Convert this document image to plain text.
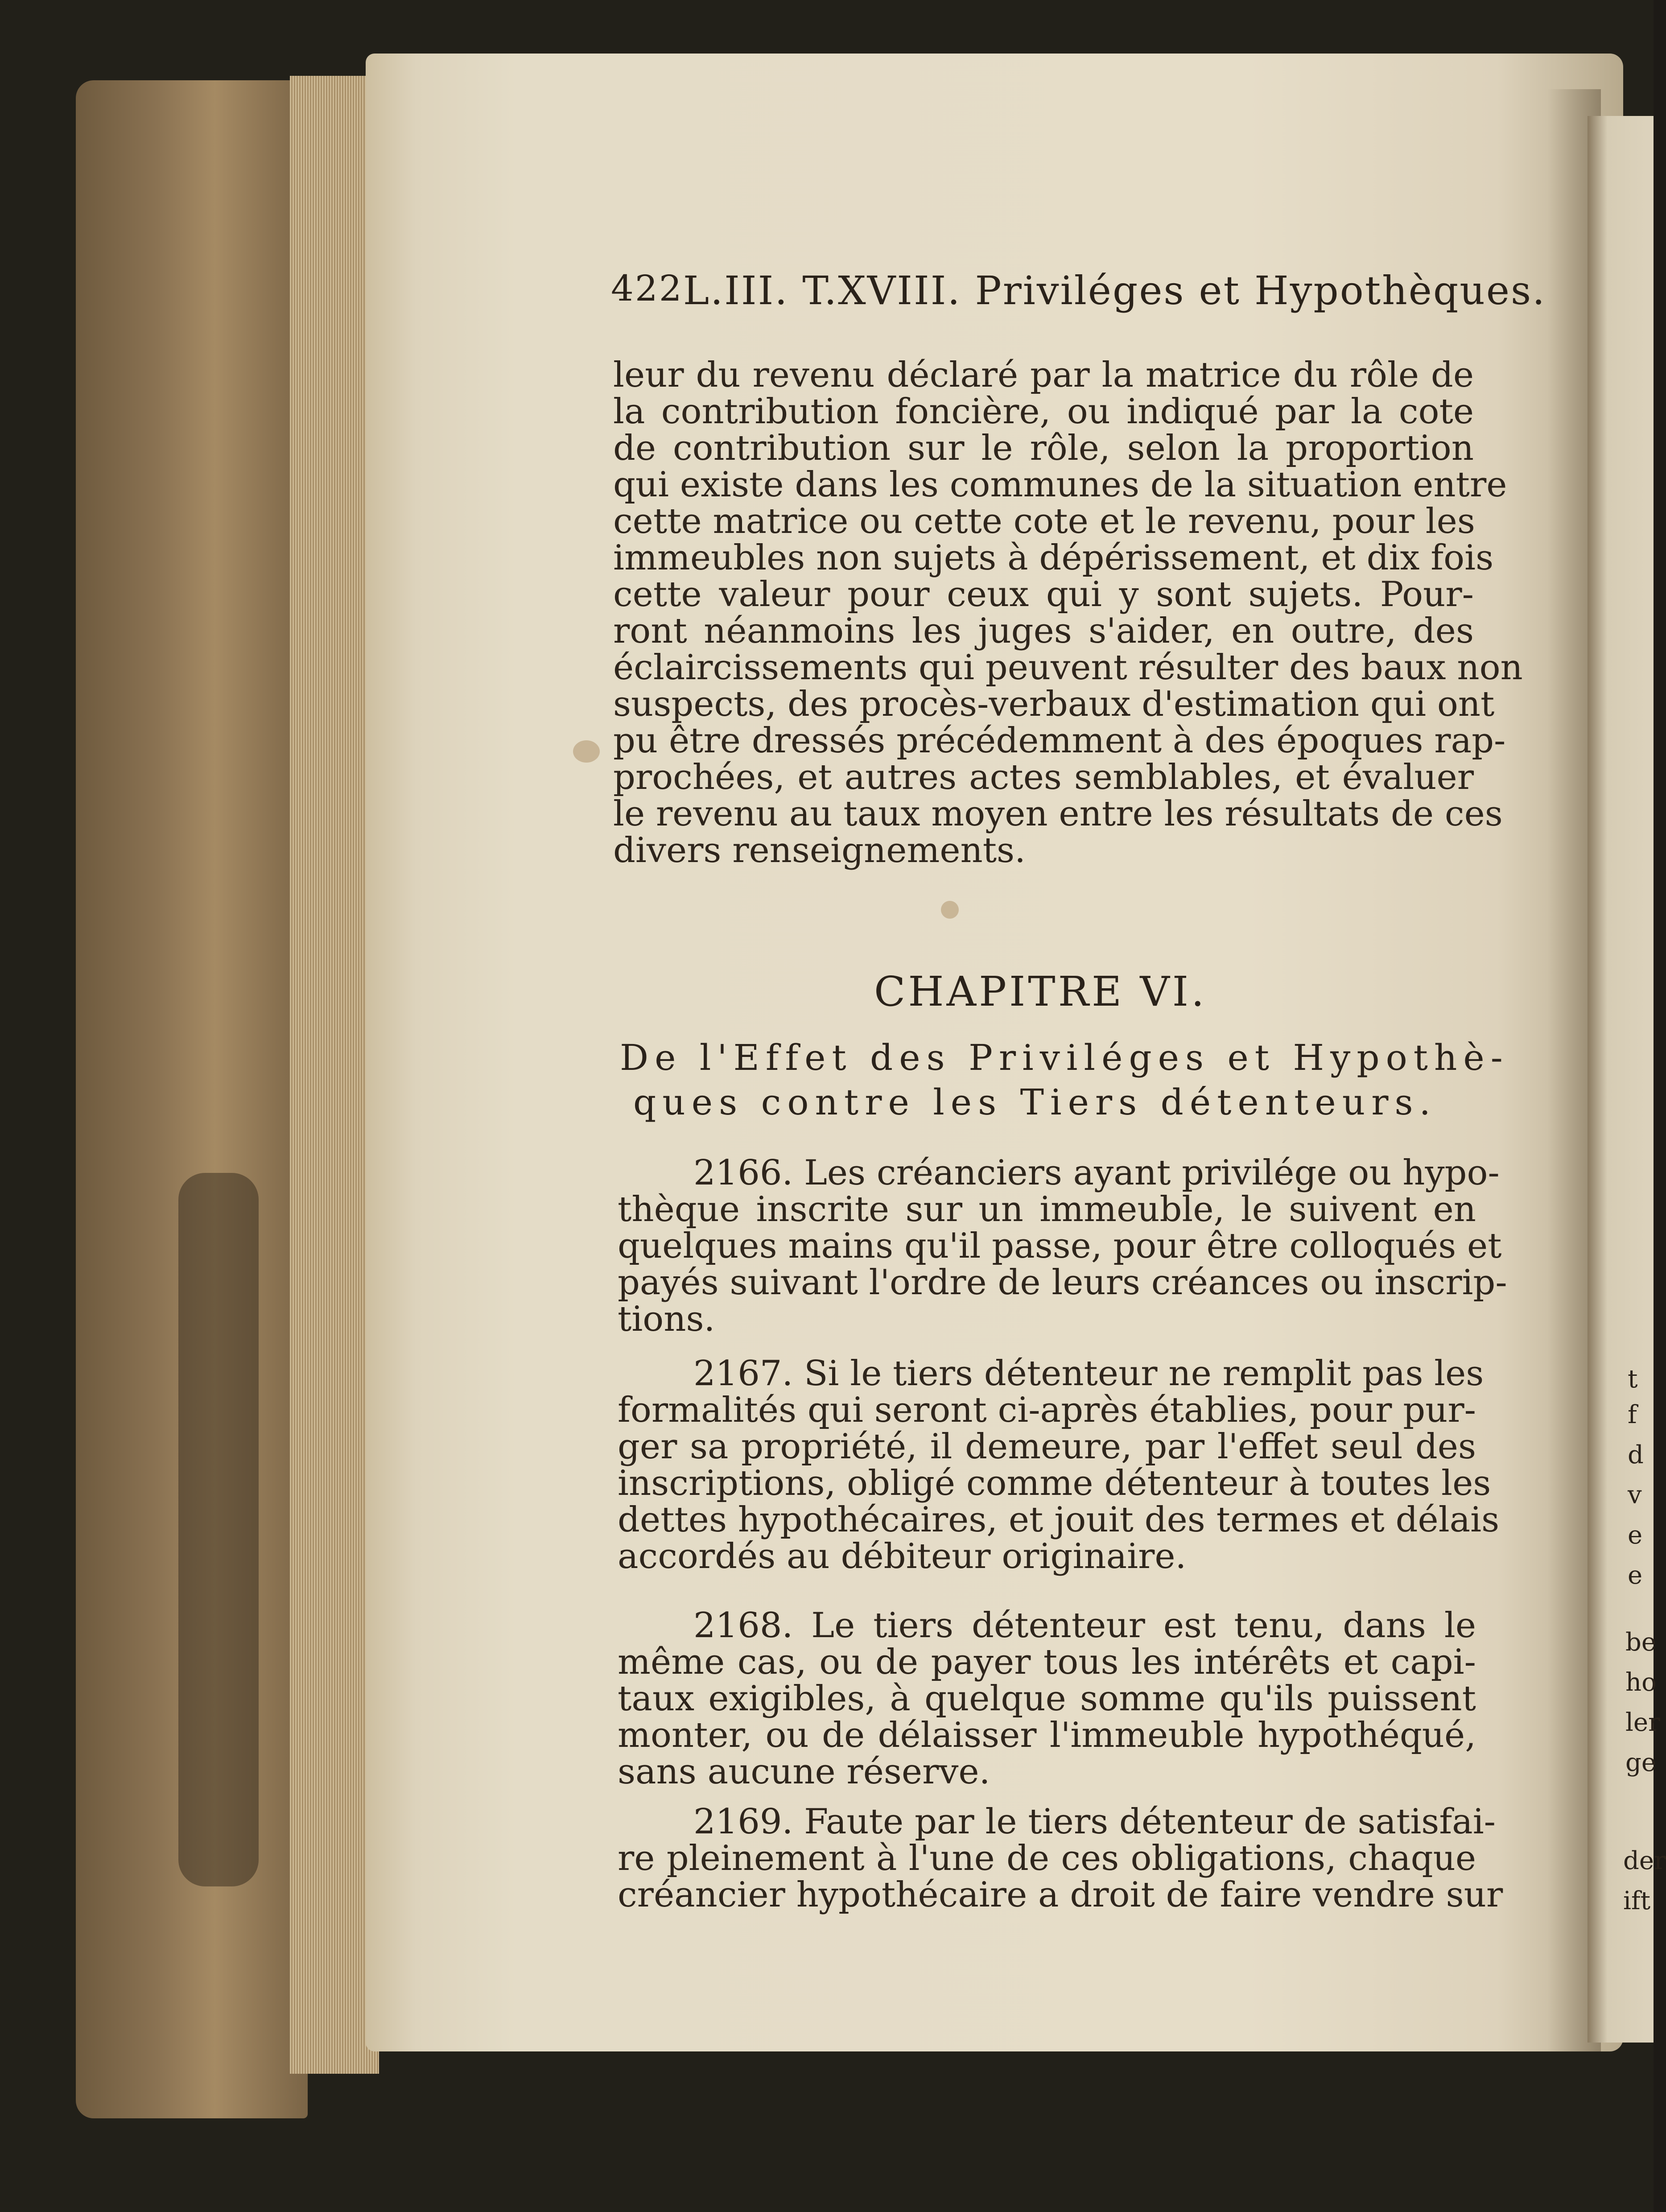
422 L.III. T.XVIII. Priviléges et Hypothèques.
leur du revenu déclaré par la matrice du rôle de
la contribution foncière, ou indiqué par la cote
de contribution sur le rôle, selon la proportion
qui existe dans les communes de la situation entre
cette matrice ou cette cote et le revenu, pour les
immeubles non sujets à dépérissement, et dix fois
cette valeur pour ceux qui y sont sujets. Pour-
ront néanmoins les juges s'aider, en outre, des
éclaircissements qui peuvent résulter des baux non
suspects, des procès-verbaux d'estimation qui ont
pu être dressés précédemment à des époques rap-
prochées, et autres actes semblables, et évaluer
le revenu au taux moyen entre les résultats de ces
divers renseignements.
CHAPITRE VI.
De l'Effet des Priviléges et Hypothè-
ques contre les Tiers détenteurs.
2166. Les créanciers ayant privilége ou hypo-
thèque inscrite sur un immeuble, le suivent en
quelques mains qu'il passe, pour être colloqués et
payés suivant l'ordre de leurs créances ou inscrip-
tions.
2167. Si le tiers détenteur ne remplit pas les
formalités qui seront ci-après établies, pour pur-
ger sa propriété, il demeure, par l'effet seul des
inscriptions, obligé comme détenteur à toutes les
dettes hypothécaires, et jouit des termes et délais
accordés au débiteur originaire.
2168. Le tiers détenteur est tenu, dans le
même cas, ou de payer tous les intérêts et capi-
taux exigibles, à quelque somme qu'ils puissent
monter, ou de délaisser l'immeuble hypothéqué,
sans aucune réserve.
2169. Faute par le tiers détenteur de satisfai-
re pleinement à l'une de ces obligations, chaque
créancier hypothécaire a droit de faire vendre sur
t
f
d
v
e
e
be
ho
ler
ge
der
ift
